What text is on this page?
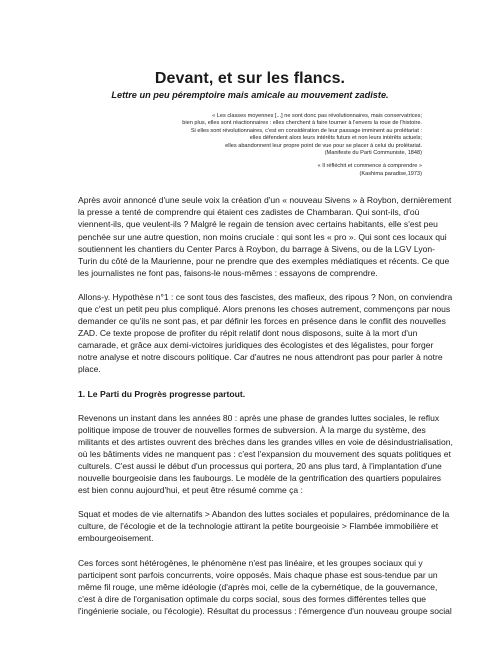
Devant, et sur les flancs.
Lettre un peu péremptoire mais amicale au mouvement zadiste.
« Les classes moyennes [...] ne sont donc pas révolutionnaires, mais conservatrices;
bien plus, elles sont réactionnaires : elles cherchent à faire tourner à l'envers la roue de l'histoire.
Si elles sont révolutionnaires, c'est en considération de leur passage imminent au prolétariat :
elles défendent alors leurs intérêts futurs et non leurs intérêts actuels;
elles abandonnent leur propre point de vue pour se placer à celui du prolétariat.
(Manifeste du Parti Communiste, 1848)
« Il réfléchit et commence à comprendre »
(Kashima paradise,1973)

Après avoir annoncé d'une seule voix la création d'un « nouveau Sivens » à Roybon, dernièrement
la presse a tenté de comprendre qui étaient ces zadistes de Chambaran. Qui sont-ils, d'où
viennent-ils, que veulent-ils ? Malgré le regain de tension avec certains habitants, elle s'est peu
penchée sur une autre question, non moins cruciale : qui sont les « pro ». Qui sont ces locaux qui
soutiennent les chantiers du Center Parcs à Roybon, du barrage à Sivens, ou de la LGV Lyon-
Turin du côté de la Maurienne, pour ne prendre que des exemples médiatiques et récents. Ce que
les journalistes ne font pas, faisons-le nous-mêmes : essayons de comprendre.

Allons-y. Hypothèse n°1 : ce sont tous des fascistes, des mafieux, des ripous ? Non, on conviendra
que c'est un petit peu plus compliqué. Alors prenons les choses autrement, commençons par nous
demander ce qu'ils ne sont pas, et par définir les forces en présence dans le conflit des nouvelles
ZAD. Ce texte propose de profiter du répit relatif dont nous disposons, suite à la mort d'un
camarade, et grâce aux demi-victoires juridiques des écologistes et des légalistes, pour forger
notre analyse et notre discours politique. Car d'autres ne nous attendront pas pour parler à notre
place.

1. Le Parti du Progrès progresse partout.

Revenons un instant dans les années 80 : après une phase de grandes luttes sociales, le reflux
politique impose de trouver de nouvelles formes de subversion. À la marge du système, des
militants et des artistes ouvrent des brèches dans les grandes villes en voie de désindustrialisation,
où les bâtiments vides ne manquent pas : c'est l'expansion du mouvement des squats politiques et
culturels. C'est aussi le début d'un processus qui portera, 20 ans plus tard, à l'implantation d'une
nouvelle bourgeoisie dans les faubourgs. Le modèle de la gentrification des quartiers populaires
est bien connu aujourd'hui, et peut être résumé comme ça :

Squat et modes de vie alternatifs > Abandon des luttes sociales et populaires, prédominance de la
culture, de l'écologie et de la technologie attirant la petite bourgeoisie > Flambée immobilière et
embourgeoisement.

Ces forces sont hétérogènes, le phénomène n'est pas linéaire, et les groupes sociaux qui y
participent sont parfois concurrents, voire opposés. Mais chaque phase est sous-tendue par un
même fil rouge, une même idéologie (d'après moi, celle de la cybernétique, de la gouvernance,
c'est à dire de l'organisation optimale du corps social, sous des formes différentes telles que
l'ingénierie sociale, ou l'écologie). Résultat du processus : l'émergence d'un nouveau groupe social
